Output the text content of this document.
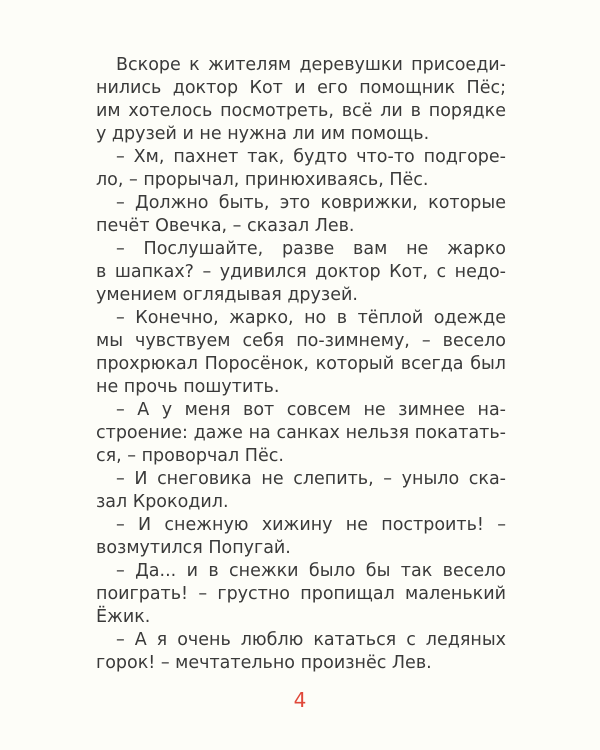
Вскоре к жителям деревушки присоеди-
нились доктор Кот и его помощник Пёс;
им хотелось посмотреть, всё ли в порядке
у друзей и не нужна ли им помощь.
– Хм, пахнет так, будто что-то подгоре-
ло, – прорычал, принюхиваясь, Пёс.
– Должно быть, это коврижки, которые
печёт Овечка, – сказал Лев.
– Послушайте, разве вам не жарко
в шапках? – удивился доктор Кот, с недо-
умением оглядывая друзей.
– Конечно, жарко, но в тёплой одежде
мы чувствуем себя по-зимнему, – весело
прохрюкал Поросёнок, который всегда был
не прочь пошутить.
– А у меня вот совсем не зимнее на-
строение: даже на санках нельзя покатать-
ся, – проворчал Пёс.
– И снеговика не слепить, – уныло ска-
зал Крокодил.
– И снежную хижину не построить! –
возмутился Попугай.
– Да... и в снежки было бы так весело
поиграть! – грустно пропищал маленький
Ёжик.
– А я очень люблю кататься с ледяных
горок! – мечтательно произнёс Лев.
4
